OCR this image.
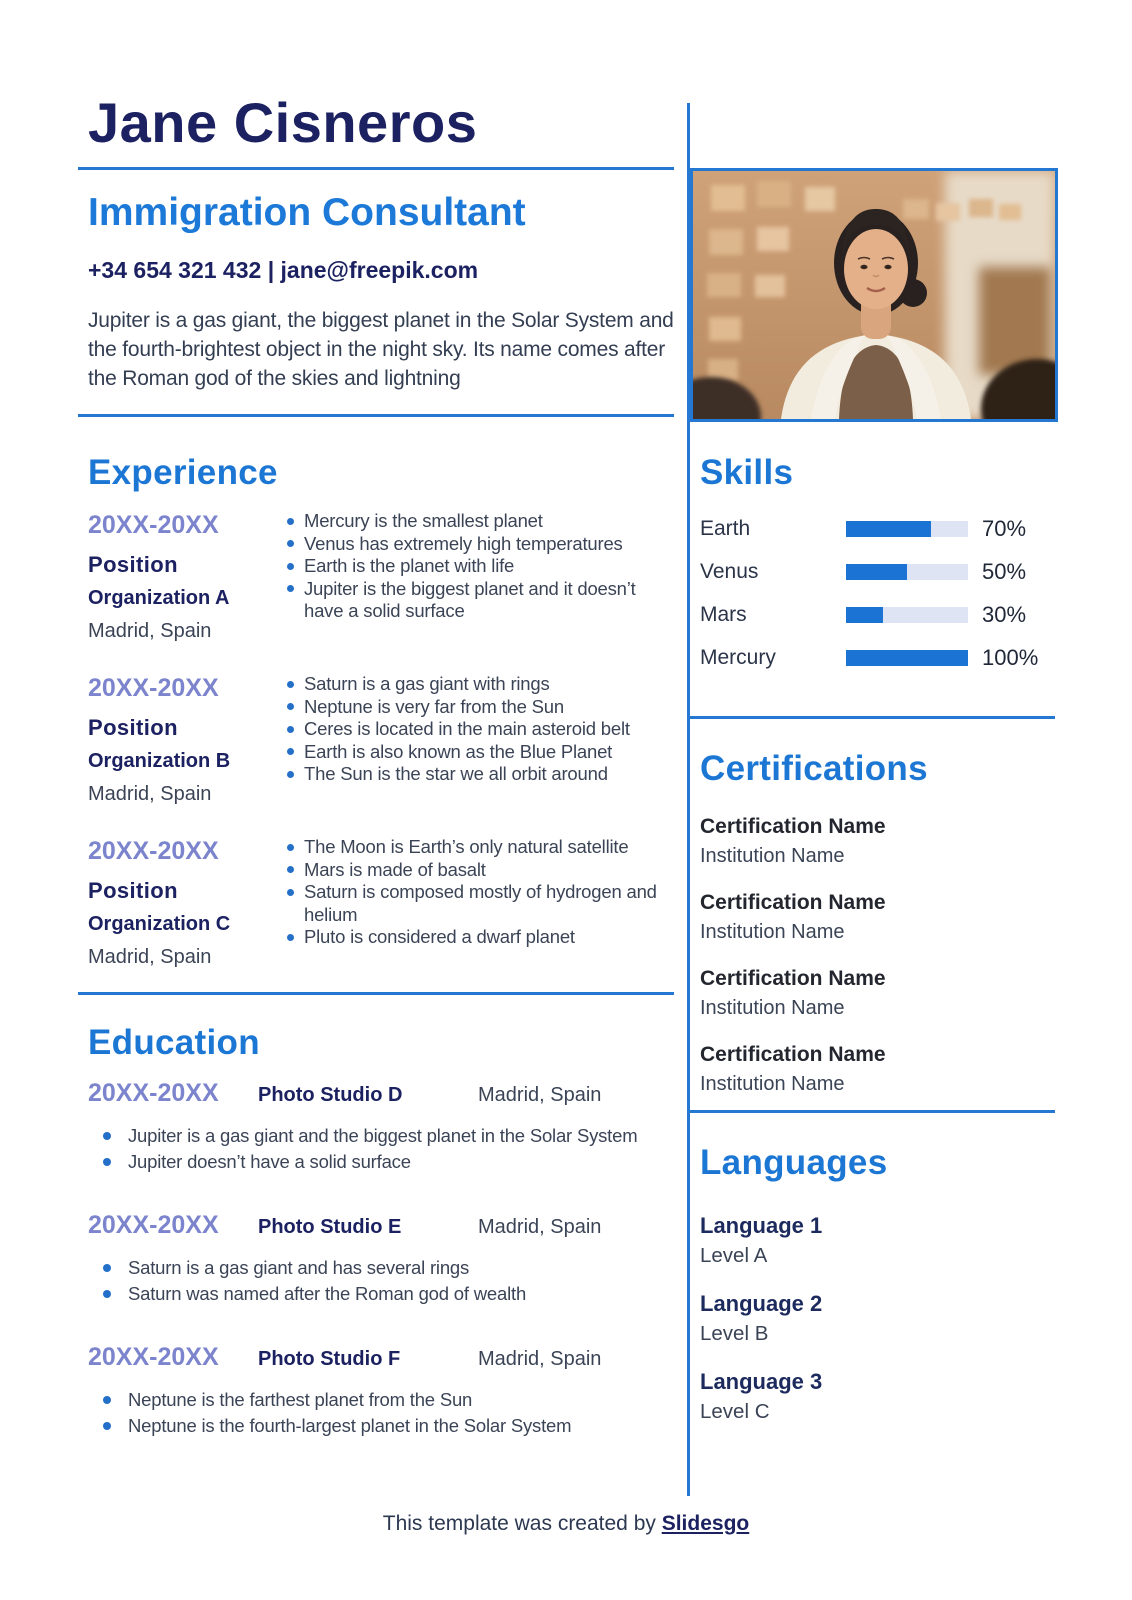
Jane Cisneros
Immigration Consultant
+34 654 321 432 | jane@freepik.com

Jupiter is a gas giant, the biggest planet in the Solar System and the fourth-brightest object in the night sky. Its name comes after the Roman god of the skies and lightning

Experience
20XX-20XX
Position
Organization A
Madrid, Spain
Mercury is the smallest planet
Venus has extremely high temperatures
Earth is the planet with life
Jupiter is the biggest planet and it doesn’t have a solid surface
20XX-20XX
Position
Organization B
Madrid, Spain
Saturn is a gas giant with rings
Neptune is very far from the Sun
Ceres is located in the main asteroid belt
Earth is also known as the Blue Planet
The Sun is the star we all orbit around
20XX-20XX
Position
Organization C
Madrid, Spain
The Moon is Earth’s only natural satellite
Mars is made of basalt
Saturn is composed mostly of hydrogen and helium
Pluto is considered a dwarf planet
Education
20XX-20XX	Photo Studio D	Madrid, Spain
Jupiter is a gas giant and the biggest planet in the Solar System
Jupiter doesn’t have a solid surface
20XX-20XX	Photo Studio E	Madrid, Spain
Saturn is a gas giant and has several rings
Saturn was named after the Roman god of wealth
20XX-20XX	Photo Studio F	Madrid, Spain
Neptune is the farthest planet from the Sun
Neptune is the fourth-largest planet in the Solar System
Skills
Earth	70%
Venus	50%
Mars	30%
Mercury	100%
Certifications
Certification Name
Institution Name
Certification Name
Institution Name
Certification Name
Institution Name
Certification Name
Institution Name
Languages
Language 1
Level A
Language 2
Level B
Language 3
Level C
This template was created by Slidesgo
